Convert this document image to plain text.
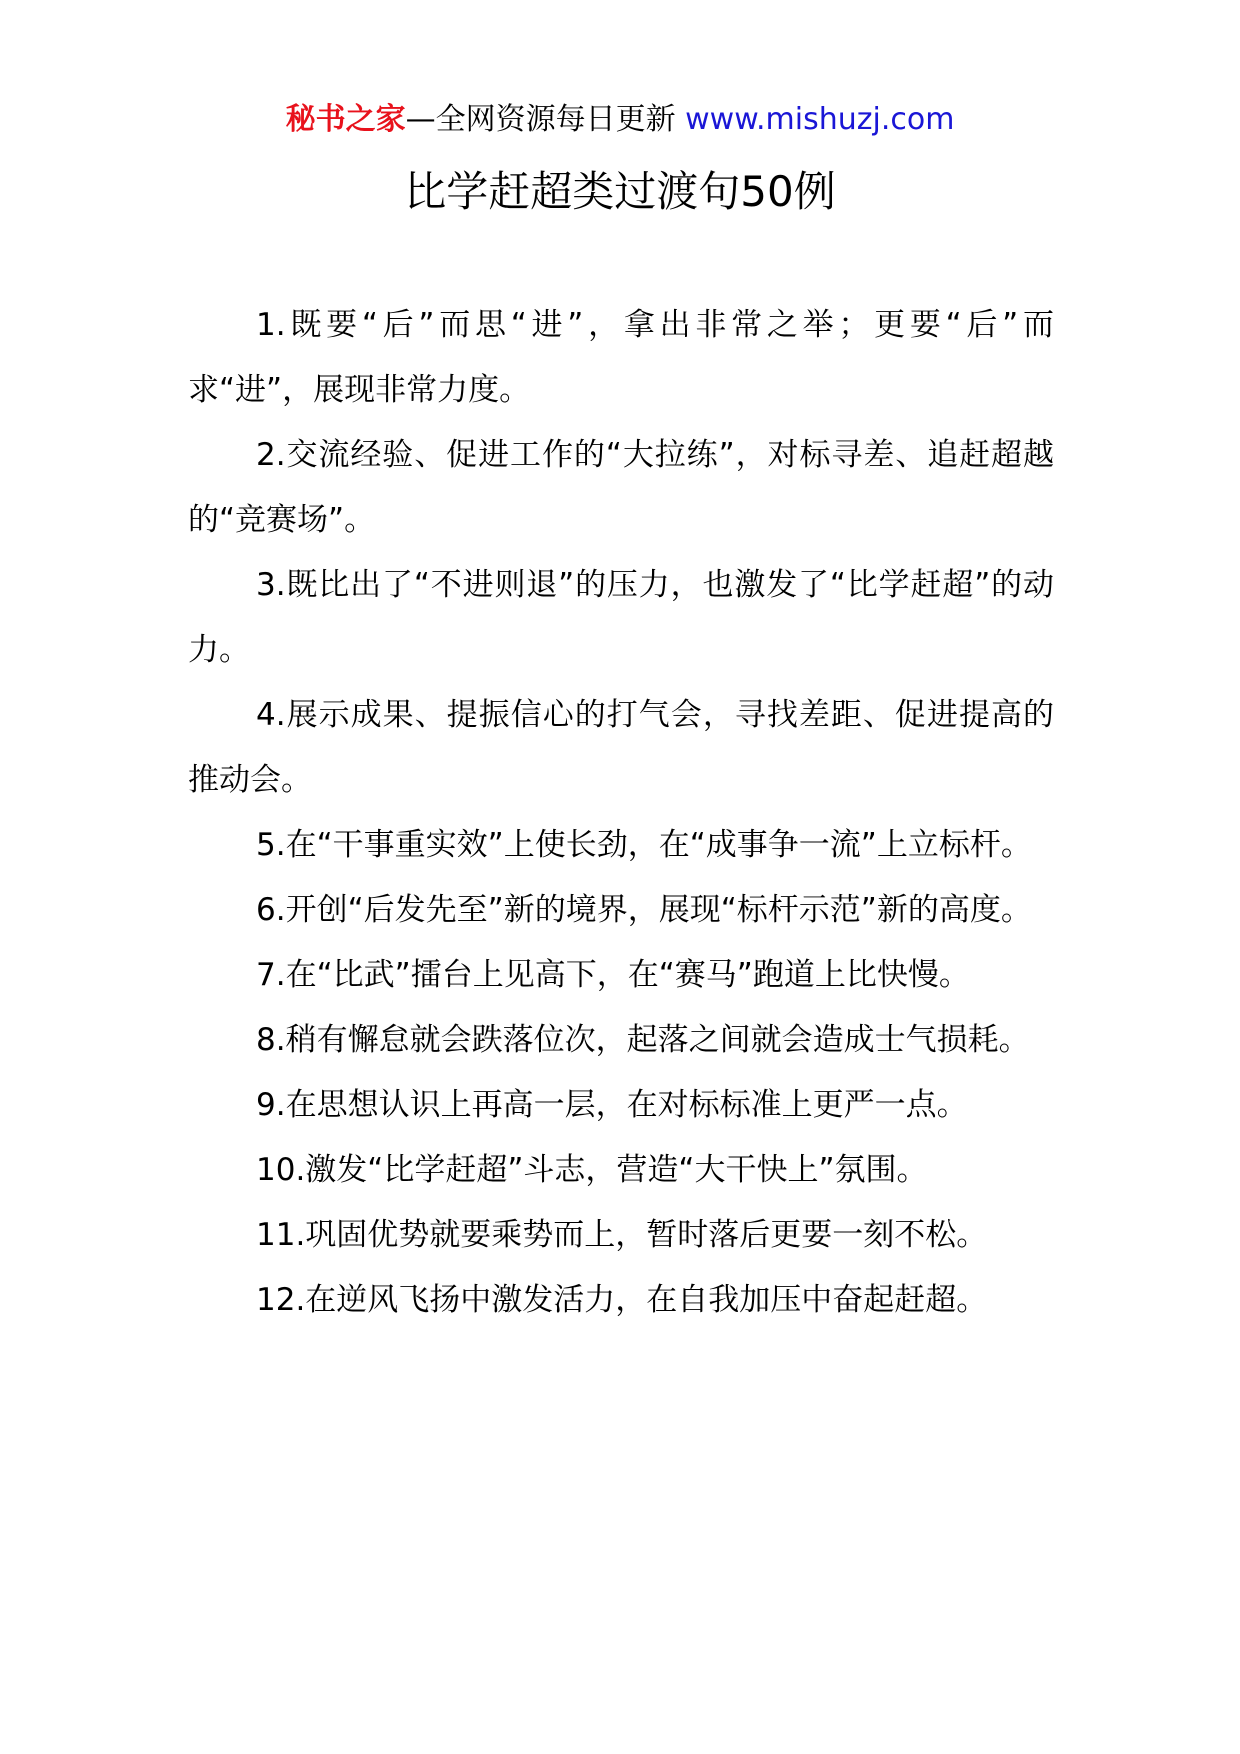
秘书之家—全网资源每日更新 www.mishuzj.com
比学赶超类过渡句50例

1.既要“后”而思“进”，拿出非常之举；更要“后”而求“进”，展现非常力度。

2.交流经验、促进工作的“大拉练”，对标寻差、追赶超越的“竞赛场”。

3.既比出了“不进则退”的压力，也激发了“比学赶超”的动力。

4.展示成果、提振信心的打气会，寻找差距、促进提高的推动会。

5.在“干事重实效”上使长劲，在“成事争一流”上立标杆。

6.开创“后发先至”新的境界，展现“标杆示范”新的高度。

7.在“比武”擂台上见高下，在“赛马”跑道上比快慢。

8.稍有懈怠就会跌落位次，起落之间就会造成士气损耗。

9.在思想认识上再高一层，在对标标准上更严一点。

10.激发“比学赶超”斗志，营造“大干快上”氛围。

11.巩固优势就要乘势而上，暂时落后更要一刻不松。

12.在逆风飞扬中激发活力，在自我加压中奋起赶超。
